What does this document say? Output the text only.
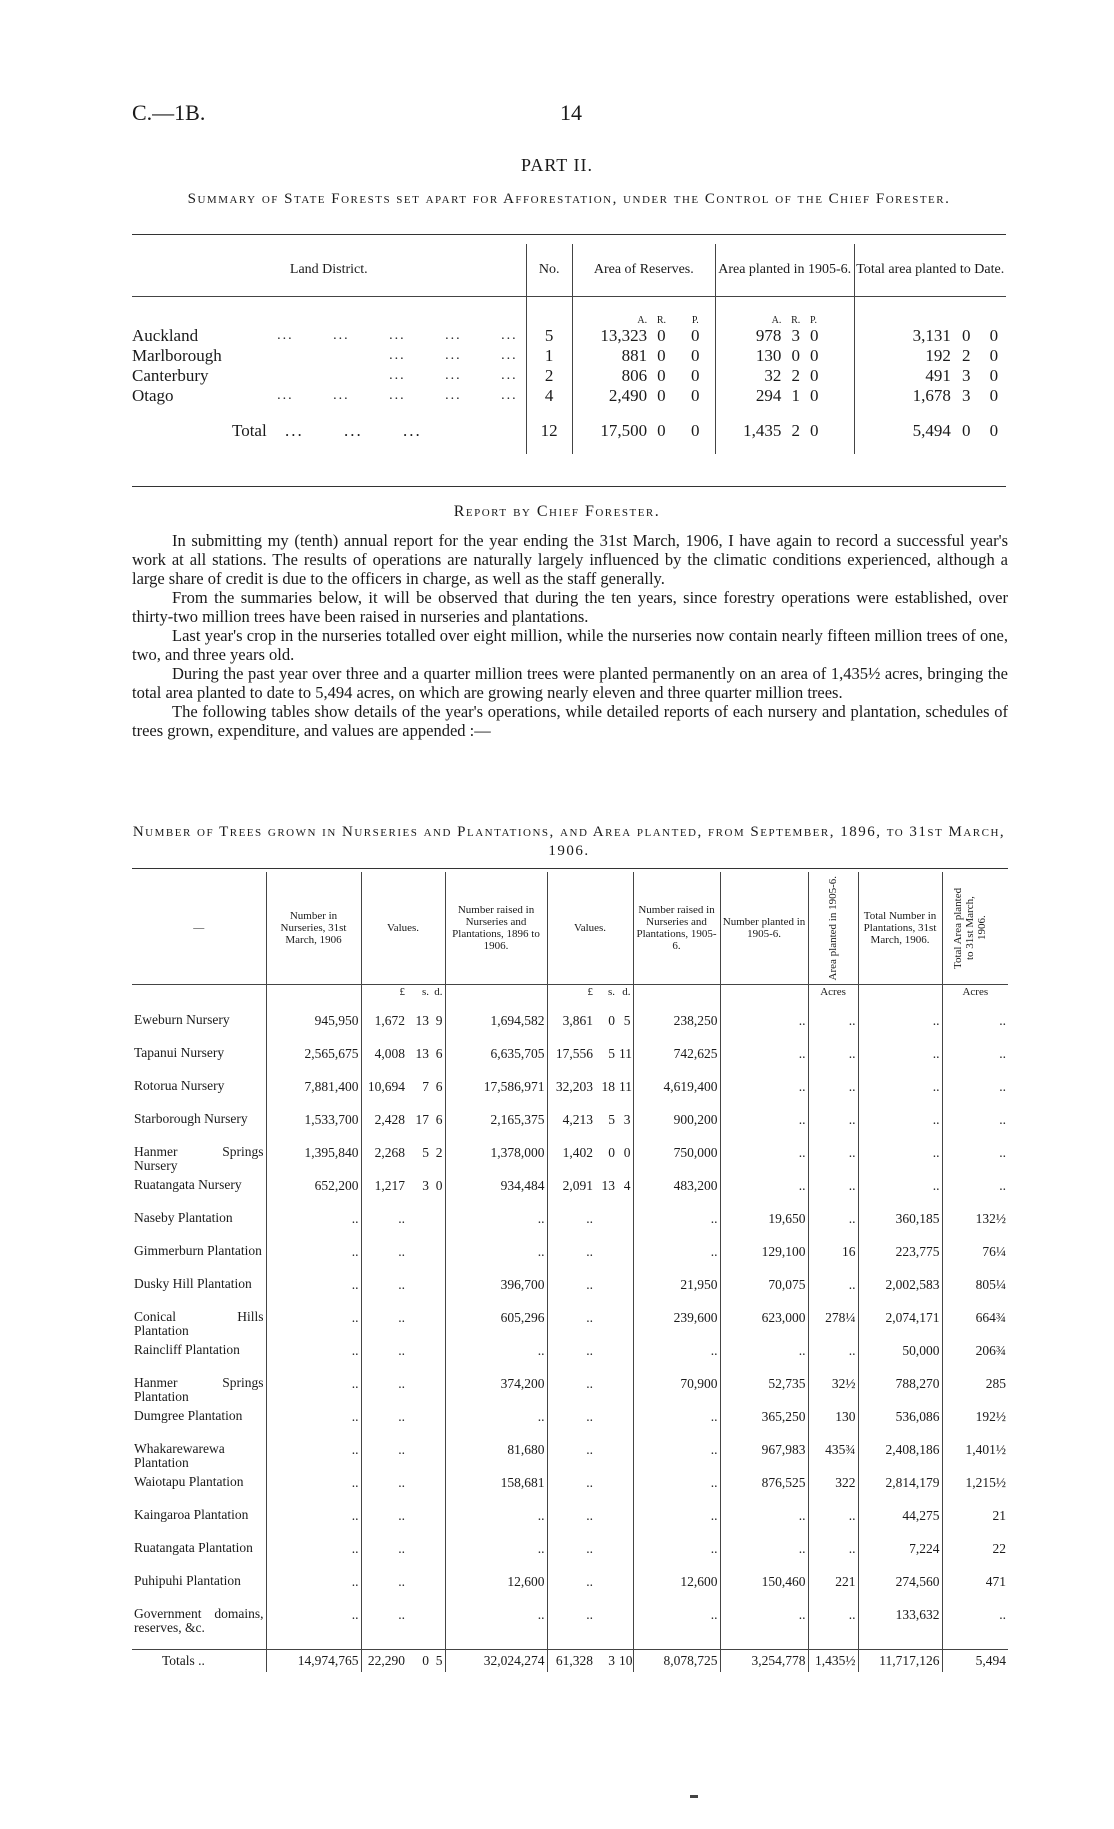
C.—1B.	14
PART II.
Summary of State Forests set apart for Afforestation, under the Control of the Chief Forester.
Land District.	No.	Area of Reserves.			Area planted in 1905-6.			Total area planted to Date.		
		A.	R.	P.	A.	R.	P.			
Auckland ... ... ... ... ...	5	13,323	0	0	978	3	0	3,131	0	0
Marlborough ... ... ...	1	881	0	0	130	0	0	192	2	0
Canterbury ... ... ...	2	806	0	0	32	2	0	491	3	0
Otago ... ... ... ... ...	4	2,490	0	0	294	1	0	1,678	3	0

Total ... ... ...	12	17,500	0	0	1,435	2	0	5,494	0	0

Report by Chief Forester.

In submitting my (tenth) annual report for the year ending the 31st March, 1906, I have again to record a successful year's work at all stations. The results of operations are naturally largely influenced by the climatic conditions experienced, although a large share of credit is due to the officers in charge, as well as the staff generally.

From the summaries below, it will be observed that during the ten years, since forestry operations were established, over thirty-two million trees have been raised in nurseries and plantations.

Last year's crop in the nurseries totalled over eight million, while the nurseries now contain nearly fifteen million trees of one, two, and three years old.

During the past year over three and a quarter million trees were planted permanently on an area of 1,435½ acres, bringing the total area planted to date to 5,494 acres, on which are growing nearly eleven and three quarter million trees.

The following tables show details of the year's operations, while detailed reports of each nursery and plantation, schedules of trees grown, expenditure, and values are appended :—

Number of Trees grown in Nurseries and Plantations, and Area planted, from September, 1896, to 31st March, 1906.
—	Number in Nurseries, 31st March, 1906	Values.			Number raised in Nurseries and Plantations, 1896 to 1906.	Values.			Number raised in Nurseries and Plantations, 1905-6.	Number planted in 1905-6.	Area planted in 1905-6.	Total Number in Plantations, 31st March, 1906.	Total Area planted to 31st March, 1906.

		£	s.	d.		£	s.	d.			Acres		Acres
Eweburn Nursery	945,950	1,672	13	9	1,694,582	3,861	0	5	238,250	..	..	..	..
Tapanui Nursery	2,565,675	4,008	13	6	6,635,705	17,556	5	11	742,625	..	..	..	..
Rotorua Nursery	7,881,400	10,694	7	6	17,586,971	32,203	18	11	4,619,400	..	..	..	..
Starborough Nursery	1,533,700	2,428	17	6	2,165,375	4,213	5	3	900,200	..	..	..	..
Hanmer Springs Nursery	1,395,840	2,268	5	2	1,378,000	1,402	0	0	750,000	..	..	..	..
Ruatangata Nursery	652,200	1,217	3	0	934,484	2,091	13	4	483,200	..	..	..	..
Naseby Plantation	..	..			..	..			..	19,650	..	360,185	132½
Gimmerburn Plantation	..	..			..	..			..	129,100	16	223,775	76¼
Dusky Hill Plantation	..	..			396,700	..			21,950	70,075	..	2,002,583	805¼
Conical Hills Plantation	..	..			605,296	..			239,600	623,000	278¼	2,074,171	664¾
Raincliff Plantation	..	..			..	..			..	..	..	50,000	206¾
Hanmer Springs Plantation	..	..			374,200	..			70,900	52,735	32½	788,270	285
Dumgree Plantation	..	..			..	..			..	365,250	130	536,086	192½
Whakarewarewa Plantation	..	..			81,680	..			..	967,983	435¾	2,408,186	1,401½
Waiotapu Plantation	..	..			158,681	..			..	876,525	322	2,814,179	1,215½
Kaingaroa Plantation	..	..			..	..			..	..	..	44,275	21
Ruatangata Plantation	..	..			..	..			..	..	..	7,224	22
Puhipuhi Plantation	..	..			12,600	..			12,600	150,460	221	274,560	471
Government domains, reserves, &c.	..	..			..	..			..	..	..	133,632	..

Totals ..	14,974,765	22,290	0	5	32,024,274	61,328	3	10	8,078,725	3,254,778	1,435½	11,717,126	5,494
